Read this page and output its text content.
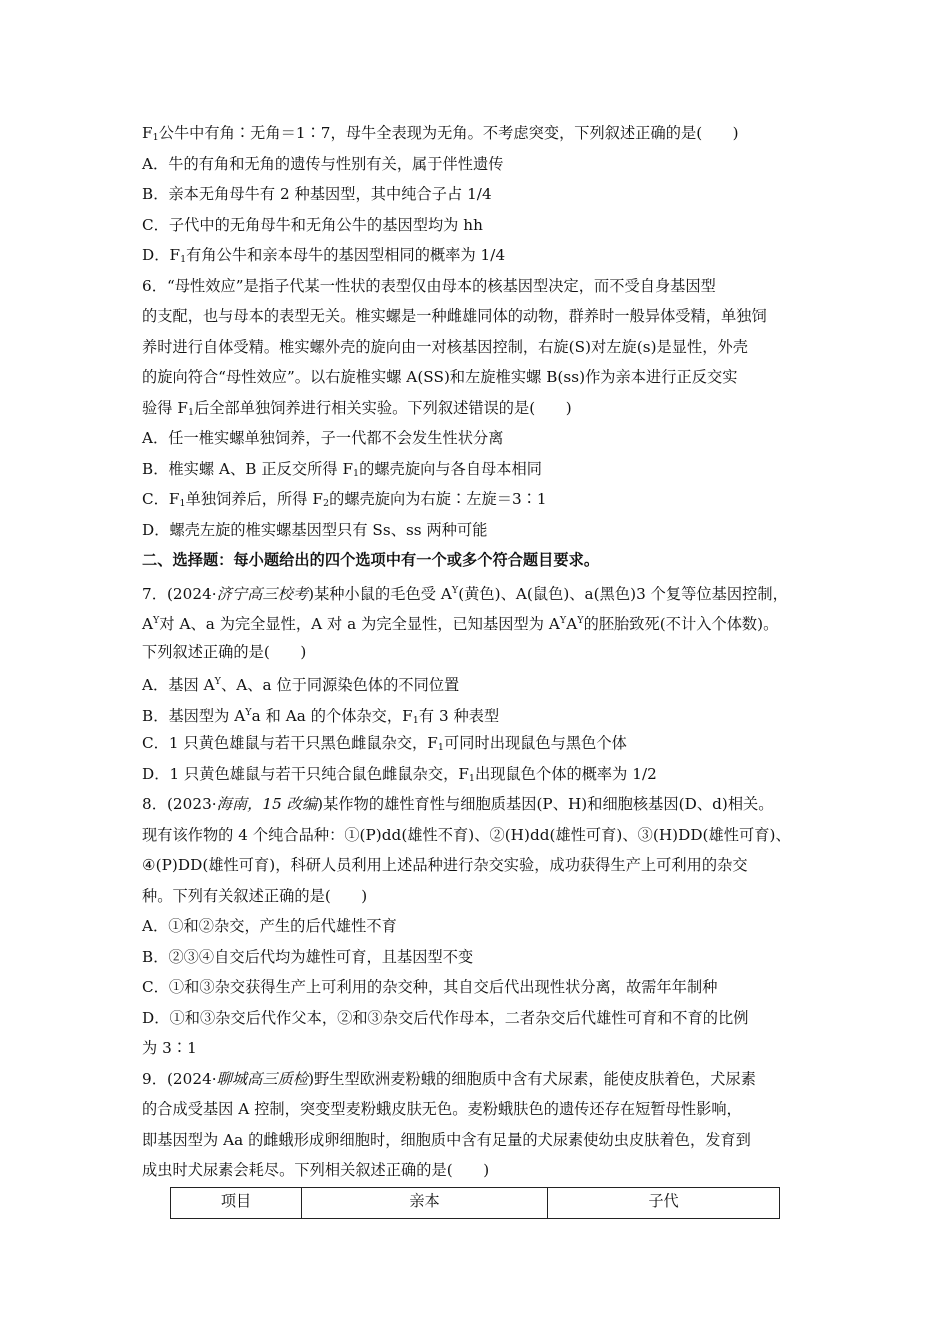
$F_1$公牛中有角∶无角＝1∶7，母牛全表现为无角。不考虑突变，下列叙述正确的是(　　)
A．牛的有角和无角的遗传与性别有关，属于伴性遗传
B．亲本无角母牛有 2 种基因型，其中纯合子占 1/4
C．子代中的无角母牛和无角公牛的基因型均为 hh
D．$F_1$有角公牛和亲本母牛的基因型相同的概率为 1/4
6．“母性效应”是指子代某一性状的表型仅由母本的核基因型决定，而不受自身基因型
的支配，也与母本的表型无关。椎实螺是一种雌雄同体的动物，群养时一般异体受精，单独饲
养时进行自体受精。椎实螺外壳的旋向由一对核基因控制，右旋(S)对左旋(s)是显性，外壳
的旋向符合“母性效应”。以右旋椎实螺 A(SS)和左旋椎实螺 B(ss)作为亲本进行正反交实
验得 $F_1$后全部单独饲养进行相关实验。下列叙述错误的是(　　)
A．任一椎实螺单独饲养，子一代都不会发生性状分离
B．椎实螺 A、B 正反交所得 $F_1$的螺壳旋向与各自母本相同
C．$F_1$单独饲养后，所得 $F_2$的螺壳旋向为右旋∶左旋＝3∶1
D．螺壳左旋的椎实螺基因型只有 Ss、ss 两种可能
二、选择题：每小题给出的四个选项中有一个或多个符合题目要求。
7．(2024·济宁高三校考)某种小鼠的毛色受 $A^Y$(黄色)、A(鼠色)、a(黑色)3 个复等位基因控制，
$A^Y$对 A、a 为完全显性，A 对 a 为完全显性，已知基因型为 $A^YA^Y$的胚胎致死(不计入个体数)。
下列叙述正确的是(　　)
A．基因 $A^Y$、A、a 位于同源染色体的不同位置
B．基因型为 $A^Ya$ 和 Aa 的个体杂交，$F_1$有 3 种表型
C．1 只黄色雄鼠与若干只黑色雌鼠杂交，$F_1$可同时出现鼠色与黑色个体
D．1 只黄色雄鼠与若干只纯合鼠色雌鼠杂交，$F_1$出现鼠色个体的概率为 1/2
8．(2023·海南，15 改编)某作物的雄性育性与细胞质基因(P、H)和细胞核基因(D、d)相关。
现有该作物的 4 个纯合品种：①(P)dd(雄性不育)、②(H)dd(雄性可育)、③(H)DD(雄性可育)、
④(P)DD(雄性可育)，科研人员利用上述品种进行杂交实验，成功获得生产上可利用的杂交
种。下列有关叙述正确的是(　　)
A．①和②杂交，产生的后代雄性不育
B．②③④自交后代均为雄性可育，且基因型不变
C．①和③杂交获得生产上可利用的杂交种，其自交后代出现性状分离，故需年年制种
D．①和③杂交后代作父本，②和③杂交后代作母本，二者杂交后代雄性可育和不育的比例
为 3∶1
9．(2024·聊城高三质检)野生型欧洲麦粉蛾的细胞质中含有犬尿素，能使皮肤着色，犬尿素
的合成受基因 A 控制，突变型麦粉蛾皮肤无色。麦粉蛾肤色的遗传还存在短暂母性影响，
即基因型为 Aa 的雌蛾形成卵细胞时，细胞质中含有足量的犬尿素使幼虫皮肤着色，发育到
成虫时犬尿素会耗尽。下列相关叙述正确的是(　　)
项目	亲本	子代
